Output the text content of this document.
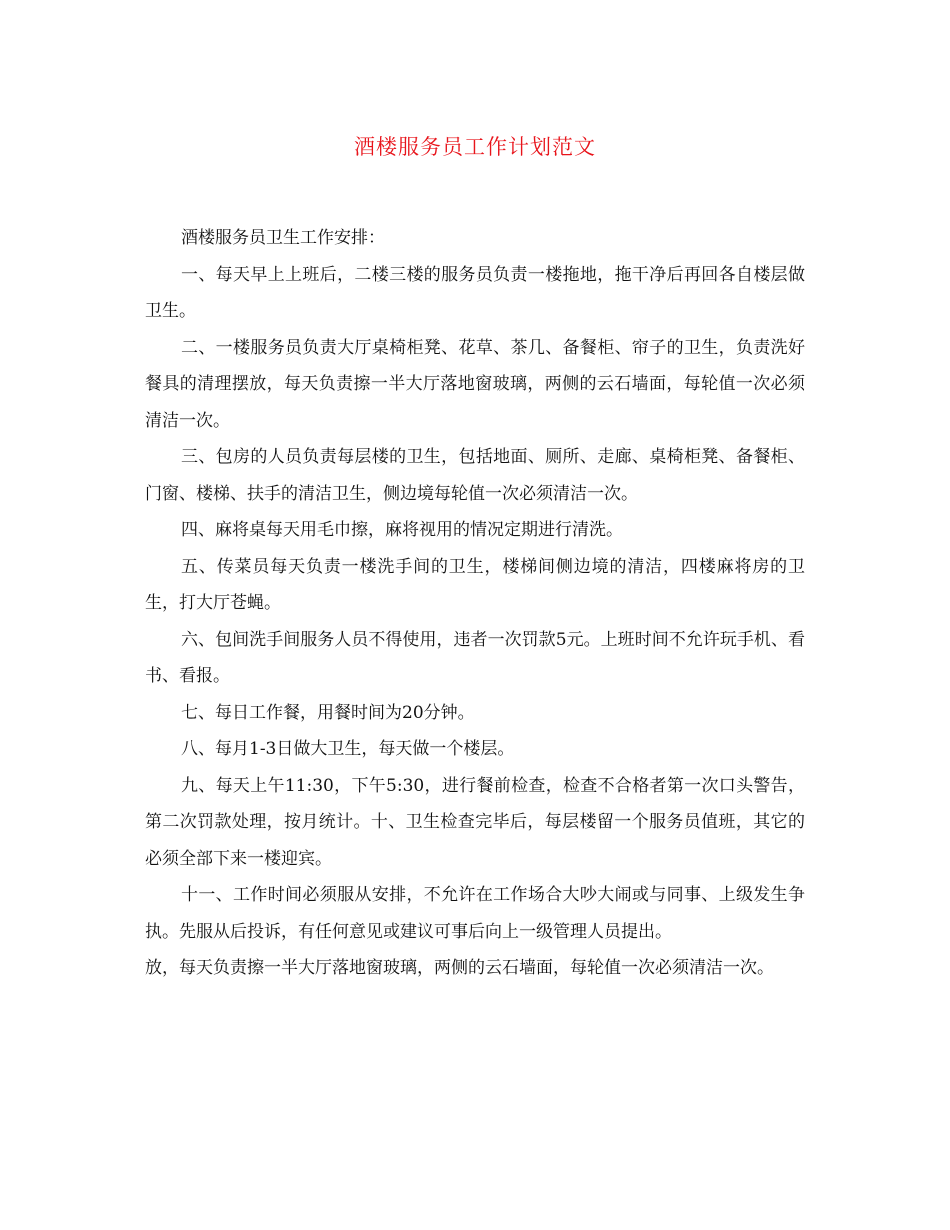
酒楼服务员工作计划范文

酒楼服务员卫生工作安排：

一、每天早上上班后，二楼三楼的服务员负责一楼拖地，拖干净后再回各自楼层做卫生。

二、一楼服务员负责大厅桌椅柜凳、花草、茶几、备餐柜、帘子的卫生，负责洗好餐具的清理摆放，每天负责擦一半大厅落地窗玻璃，两侧的云石墙面，每轮值一次必须清洁一次。

三、包房的人员负责每层楼的卫生，包括地面、厕所、走廊、桌椅柜凳、备餐柜、门窗、楼梯、扶手的清洁卫生，侧边境每轮值一次必须清洁一次。

四、麻将桌每天用毛巾擦，麻将视用的情况定期进行清洗。

五、传菜员每天负责一楼洗手间的卫生，楼梯间侧边境的清洁，四楼麻将房的卫生，打大厅苍蝇。

六、包间洗手间服务人员不得使用，违者一次罚款5元。上班时间不允许玩手机、看书、看报。

七、每日工作餐，用餐时间为20分钟。

八、每月1-3日做大卫生，每天做一个楼层。

九、每天上午11:30，下午5:30，进行餐前检查，检查不合格者第一次口头警告，第二次罚款处理，按月统计。十、卫生检查完毕后，每层楼留一个服务员值班，其它的必须全部下来一楼迎宾。

十一、工作时间必须服从安排，不允许在工作场合大吵大闹或与同事、上级发生争执。先服从后投诉，有任何意见或建议可事后向上一级管理人员提出。

放，每天负责擦一半大厅落地窗玻璃，两侧的云石墙面，每轮值一次必须清洁一次。
